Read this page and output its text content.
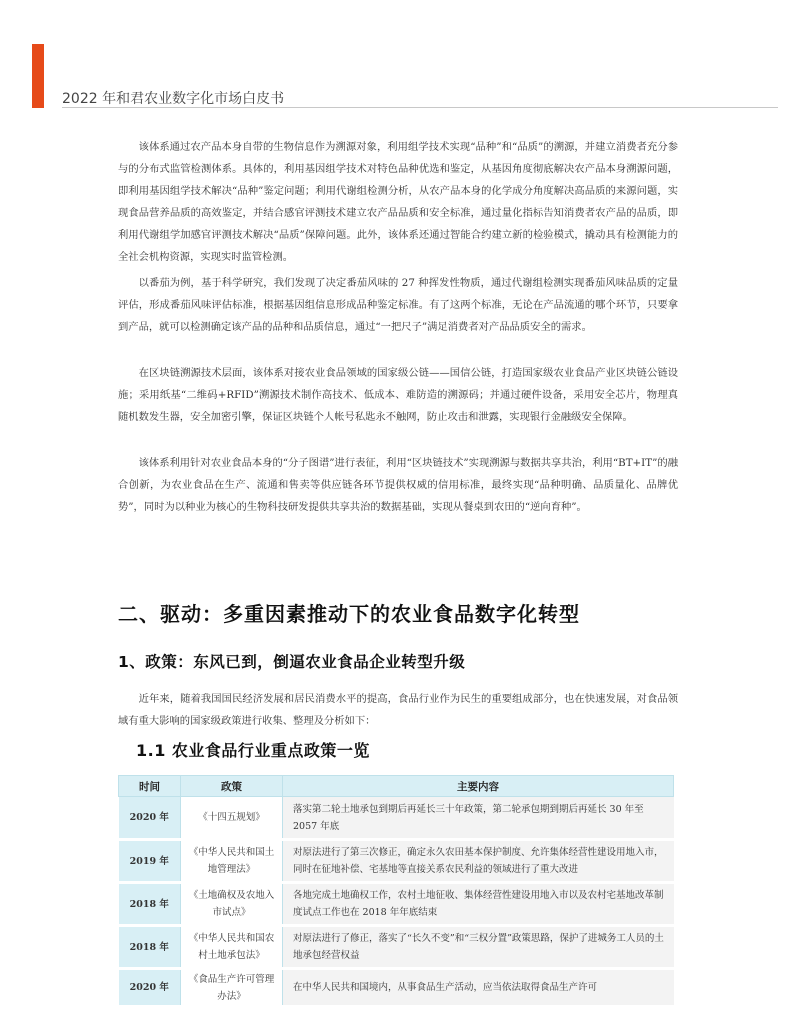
2022 年和君农业数字化市场白皮书

该体系通过农产品本身自带的生物信息作为溯源对象，利用组学技术实现“品种”和“品质”的溯源，并建立消费者充分参与的分布式监管检测体系。具体的，利用基因组学技术对特色品种优选和鉴定，从基因角度彻底解决农产品本身溯源问题，即利用基因组学技术解决“品种”鉴定问题；利用代谢组检测分析，从农产品本身的化学成分角度解决高品质的来源问题，实现食品营养品质的高效鉴定，并结合感官评测技术建立农产品品质和安全标准，通过量化指标告知消费者农产品的品质，即利用代谢组学加感官评测技术解决“品质”保障问题。此外，该体系还通过智能合约建立新的检验模式，撬动具有检测能力的全社会机构资源，实现实时监管检测。

以番茄为例，基于科学研究，我们发现了决定番茄风味的 27 种挥发性物质，通过代谢组检测实现番茄风味品质的定量评估，形成番茄风味评估标准，根据基因组信息形成品种鉴定标准。有了这两个标准，无论在产品流通的哪个环节，只要拿到产品，就可以检测确定该产品的品种和品质信息，通过“一把尺子”满足消费者对产品品质安全的需求。

在区块链溯源技术层面，该体系对接农业食品领域的国家级公链——国信公链，打造国家级农业食品产业区块链公链设施；采用纸基“二维码+RFID”溯源技术制作高技术、低成本、难防造的溯源码；并通过硬件设备，采用安全芯片，物理真随机数发生器，安全加密引擎，保证区块链个人帐号私匙永不触网，防止攻击和泄露，实现银行金融级安全保障。

该体系利用针对农业食品本身的“分子图谱”进行表征，利用“区块链技术”实现溯源与数据共享共治，利用“BT+IT”的融合创新，为农业食品在生产、流通和售卖等供应链各环节提供权威的信用标准，最终实现“品种明确、品质量化、品牌优势”，同时为以种业为核心的生物科技研发提供共享共治的数据基础，实现从餐桌到农田的“逆向育种”。

二、驱动：多重因素推动下的农业食品数字化转型
1、政策：东风已到，倒逼农业食品企业转型升级

近年来，随着我国国民经济发展和居民消费水平的提高，食品行业作为民生的重要组成部分，也在快速发展，对食品领域有重大影响的国家级政策进行收集、整理及分析如下：

1.1 农业食品行业重点政策一览
时间	政策	主要内容
2020 年	《十四五规划》	落实第二轮土地承包到期后再延长三十年政策，第二轮承包期到期后再延长 30 年至 2057 年底
2019 年	《中华人民共和国土地管理法》	对原法进行了第三次修正，确定永久农田基本保护制度、允许集体经营性建设用地入市，同时在征地补偿、宅基地等直接关系农民利益的领域进行了重大改进
2018 年	《土地确权及农地入市试点》	各地完成土地确权工作，农村土地征收、集体经营性建设用地入市以及农村宅基地改革制度试点工作也在 2018 年年底结束
2018 年	《中华人民共和国农村土地承包法》	对原法进行了修正，落实了“长久不变”和“三权分置”政策思路，保护了进城务工人员的土地承包经营权益
2020 年	《食品生产许可管理办法》	在中华人民共和国境内，从事食品生产活动，应当依法取得食品生产许可
